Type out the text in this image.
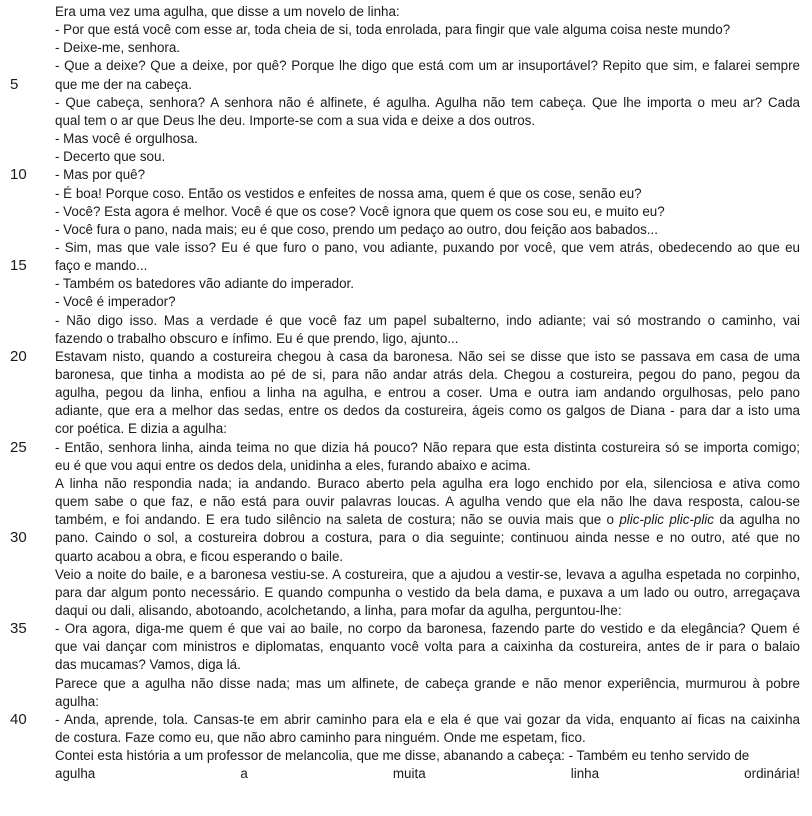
Era uma vez uma agulha, que disse a um novelo de linha:
- Por que está você com esse ar, toda cheia de si, toda enrolada, para fingir que vale alguma coisa neste mundo?
- Deixe-me, senhora.
- Que a deixe? Que a deixe, por quê? Porque lhe digo que está com um ar insuportável? Repito que sim, e falarei sempre
que me der na cabeça.
- Que cabeça, senhora? A senhora não é alfinete, é agulha. Agulha não tem cabeça. Que lhe importa o meu ar? Cada
qual tem o ar que Deus lhe deu. Importe-se com a sua vida e deixe a dos outros.
- Mas você é orgulhosa.
- Decerto que sou.
- Mas por quê?
- É boa! Porque coso. Então os vestidos e enfeites de nossa ama, quem é que os cose, senão eu?
- Você? Esta agora é melhor. Você é que os cose? Você ignora que quem os cose sou eu, e muito eu?
- Você fura o pano, nada mais; eu é que coso, prendo um pedaço ao outro, dou feição aos babados...
- Sim, mas que vale isso? Eu é que furo o pano, vou adiante, puxando por você, que vem atrás, obedecendo ao que eu
faço e mando...
- Também os batedores vão adiante do imperador.
- Você é imperador?
- Não digo isso. Mas a verdade é que você faz um papel subalterno, indo adiante; vai só mostrando o caminho, vai
fazendo o trabalho obscuro e ínfimo. Eu é que prendo, ligo, ajunto...
Estavam nisto, quando a costureira chegou à casa da baronesa. Não sei se disse que isto se passava em casa de uma
baronesa, que tinha a modista ao pé de si, para não andar atrás dela. Chegou a costureira, pegou do pano, pegou da
agulha, pegou da linha, enfiou a linha na agulha, e entrou a coser. Uma e outra iam andando orgulhosas, pelo pano
adiante, que era a melhor das sedas, entre os dedos da costureira, ágeis como os galgos de Diana - para dar a isto uma
cor poética. E dizia a agulha:
- Então, senhora linha, ainda teima no que dizia há pouco? Não repara que esta distinta costureira só se importa comigo;
eu é que vou aqui entre os dedos dela, unidinha a eles, furando abaixo e acima.
A linha não respondia nada; ia andando. Buraco aberto pela agulha era logo enchido por ela, silenciosa e ativa como
quem sabe o que faz, e não está para ouvir palavras loucas. A agulha vendo que ela não lhe dava resposta, calou-se
também, e foi andando. E era tudo silêncio na saleta de costura; não se ouvia mais que o plic-plic plic-plic da agulha no
pano. Caindo o sol, a costureira dobrou a costura, para o dia seguinte; continuou ainda nesse e no outro, até que no
quarto acabou a obra, e ficou esperando o baile.
Veio a noite do baile, e a baronesa vestiu-se. A costureira, que a ajudou a vestir-se, levava a agulha espetada no corpinho,
para dar algum ponto necessário. E quando compunha o vestido da bela dama, e puxava a um lado ou outro, arregaçava
daqui ou dali, alisando, abotoando, acolchetando, a linha, para mofar da agulha, perguntou-lhe:
- Ora agora, diga-me quem é que vai ao baile, no corpo da baronesa, fazendo parte do vestido e da elegância? Quem é
que vai dançar com ministros e diplomatas, enquanto você volta para a caixinha da costureira, antes de ir para o balaio
das mucamas? Vamos, diga lá.
Parece que a agulha não disse nada; mas um alfinete, de cabeça grande e não menor experiência, murmurou à pobre
agulha:
- Anda, aprende, tola. Cansas-te em abrir caminho para ela e ela é que vai gozar da vida, enquanto aí ficas na caixinha
de costura. Faze como eu, que não abro caminho para ninguém. Onde me espetam, fico.
Contei esta história a um professor de melancolia, que me disse, abanando a cabeça: - Também eu tenho servido de
agulha a muita linha ordinária!
5
10
15
20
25
30
35
40
